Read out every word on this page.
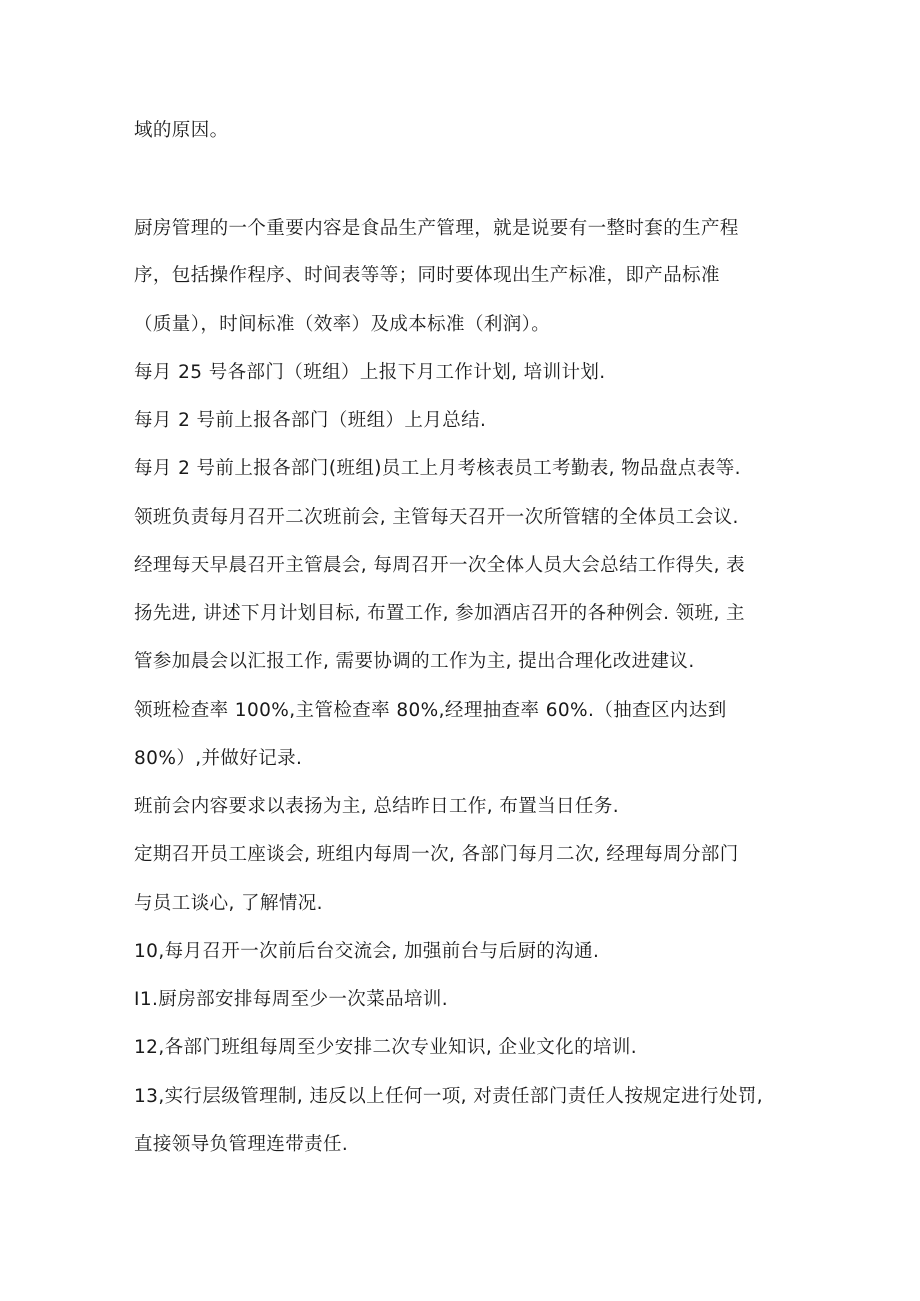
域的原因。
厨房管理的一个重要内容是食品生产管理，就是说要有一整时套的生产程
序，包括操作程序、时间表等等；同时要体现出生产标准，即产品标准
（质量），时间标准（效率）及成本标准（利润）。
每月 25 号各部门（班组）上报下月工作计划, 培训计划.
每月 2 号前上报各部门（班组）上月总结.
每月 2 号前上报各部门(班组)员工上月考核表员工考勤表, 物品盘点表等.
领班负责每月召开二次班前会, 主管每天召开一次所管辖的全体员工会议.
经理每天早晨召开主管晨会, 每周召开一次全体人员大会总结工作得失, 表
扬先进, 讲述下月计划目标, 布置工作, 参加酒店召开的各种例会. 领班, 主
管参加晨会以汇报工作, 需要协调的工作为主, 提出合理化改进建议.
领班检查率 100%,主管检查率 80%,经理抽查率 60%.（抽查区内达到
80%）,并做好记录.
班前会内容要求以表扬为主, 总结昨日工作, 布置当日任务.
定期召开员工座谈会, 班组内每周一次, 各部门每月二次, 经理每周分部门
与员工谈心, 了解情况.
10,每月召开一次前后台交流会, 加强前台与后厨的沟通.
I1.厨房部安排每周至少一次菜品培训.
12,各部门班组每周至少安排二次专业知识, 企业文化的培训.
13,实行层级管理制, 违反以上任何一项, 对责任部门责任人按规定进行处罚,
直接领导负管理连带责任.
